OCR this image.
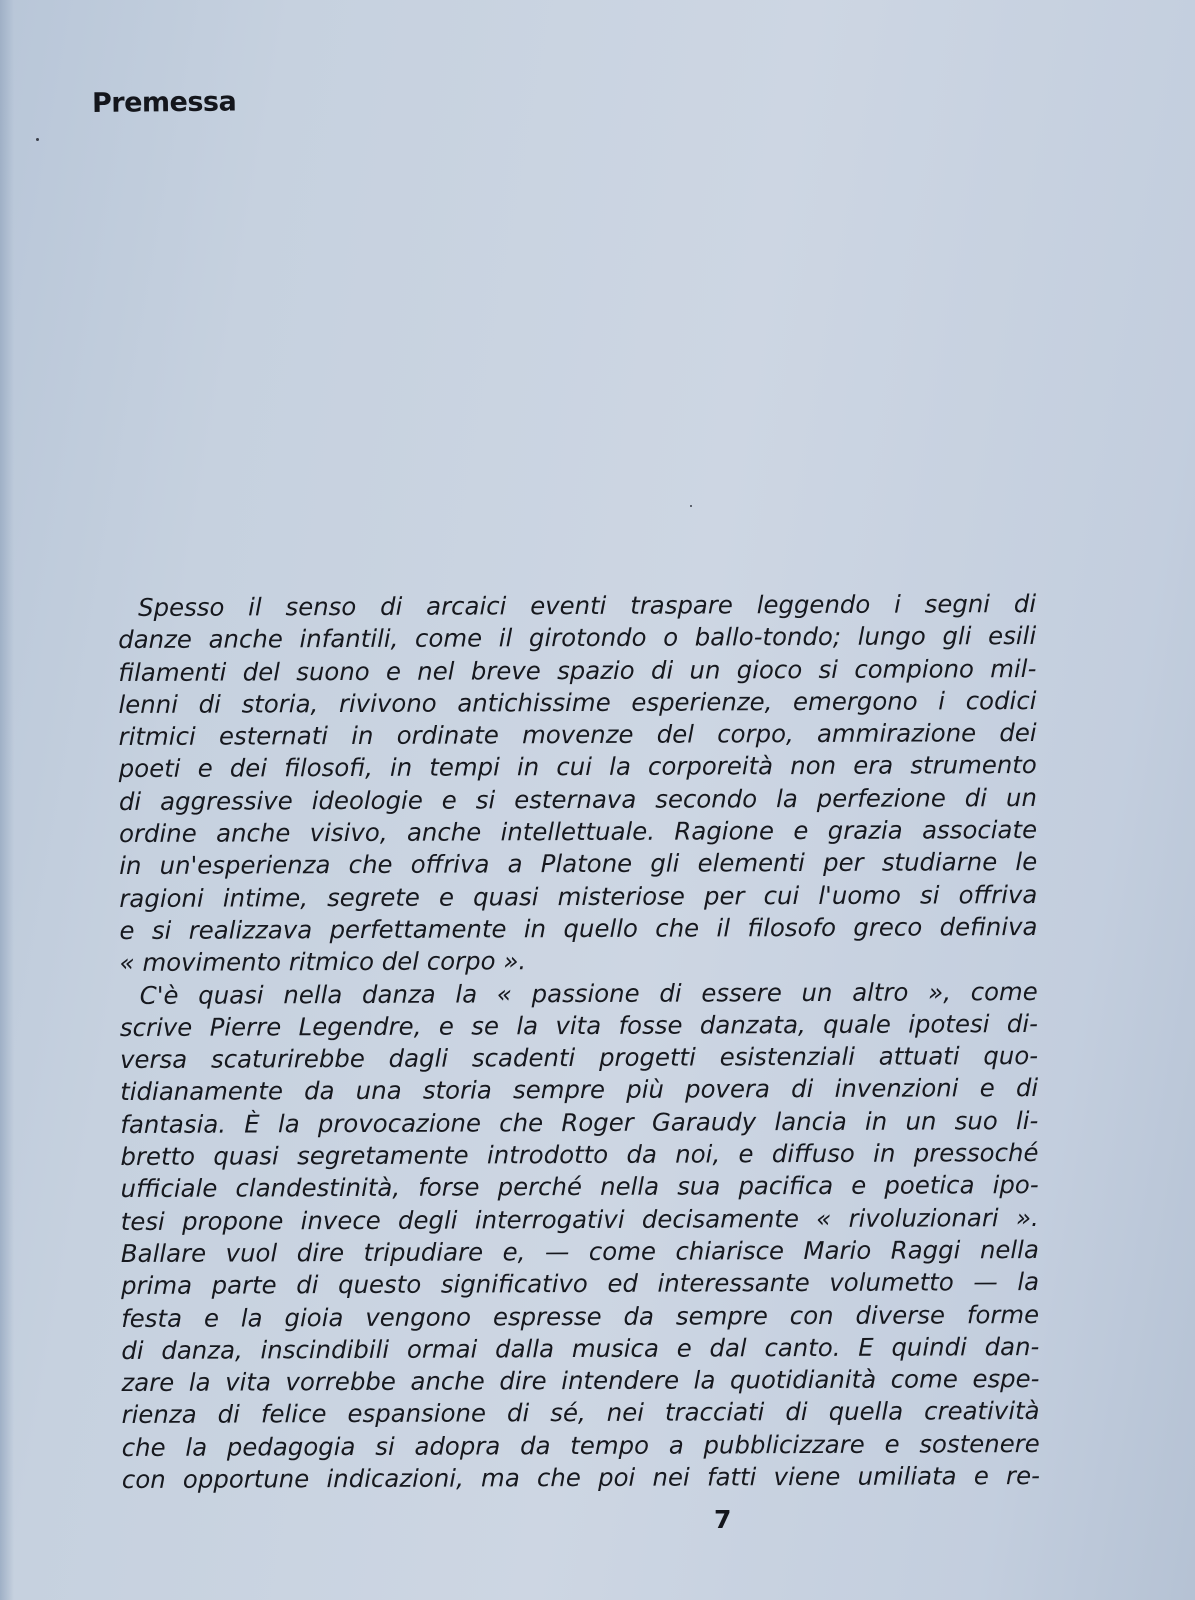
Premessa
Spesso il senso di arcaici eventi traspare leggendo i segni di
danze anche infantili, come il girotondo o ballo-tondo; lungo gli esili
filamenti del suono e nel breve spazio di un gioco si compiono mil-
lenni di storia, rivivono antichissime esperienze, emergono i codici
ritmici esternati in ordinate movenze del corpo, ammirazione dei
poeti e dei filosofi, in tempi in cui la corporeità non era strumento
di aggressive ideologie e si esternava secondo la perfezione di un
ordine anche visivo, anche intellettuale. Ragione e grazia associate
in un'esperienza che offriva a Platone gli elementi per studiarne le
ragioni intime, segrete e quasi misteriose per cui l'uomo si offriva
e si realizzava perfettamente in quello che il filosofo greco definiva
« movimento ritmico del corpo ».
C'è quasi nella danza la « passione di essere un altro », come
scrive Pierre Legendre, e se la vita fosse danzata, quale ipotesi di-
versa scaturirebbe dagli scadenti progetti esistenziali attuati quo-
tidianamente da una storia sempre più povera di invenzioni e di
fantasia. È la provocazione che Roger Garaudy lancia in un suo li-
bretto quasi segretamente introdotto da noi, e diffuso in pressoché
ufficiale clandestinità, forse perché nella sua pacifica e poetica ipo-
tesi propone invece degli interrogativi decisamente « rivoluzionari ».
Ballare vuol dire tripudiare e, — come chiarisce Mario Raggi nella
prima parte di questo significativo ed interessante volumetto — la
festa e la gioia vengono espresse da sempre con diverse forme
di danza, inscindibili ormai dalla musica e dal canto. E quindi dan-
zare la vita vorrebbe anche dire intendere la quotidianità come espe-
rienza di felice espansione di sé, nei tracciati di quella creatività
che la pedagogia si adopra da tempo a pubblicizzare e sostenere
con opportune indicazioni, ma che poi nei fatti viene umiliata e re-
7
